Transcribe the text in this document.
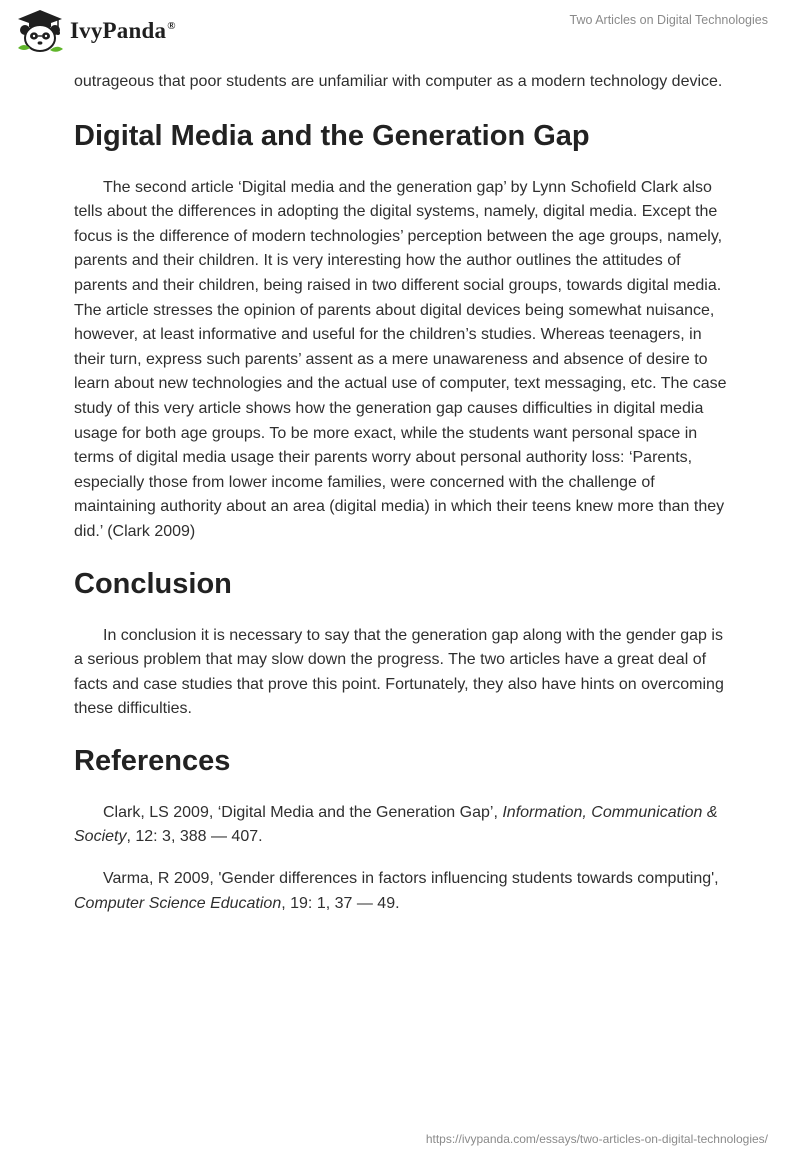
IvyPanda®	Two Articles on Digital Technologies

outrageous that poor students are unfamiliar with computer as a modern technology device.

Digital Media and the Generation Gap

The second article ‘Digital media and the generation gap’ by Lynn Schofield Clark also tells about the differences in adopting the digital systems, namely, digital media. Except the focus is the difference of modern technologies’ perception between the age groups, namely, parents and their children. It is very interesting how the author outlines the attitudes of parents and their children, being raised in two different social groups, towards digital media. The article stresses the opinion of parents about digital devices being somewhat nuisance, however, at least informative and useful for the children’s studies. Whereas teenagers, in their turn, express such parents’ assent as a mere unawareness and absence of desire to learn about new technologies and the actual use of computer, text messaging, etc. The case study of this very article shows how the generation gap causes difficulties in digital media usage for both age groups. To be more exact, while the students want personal space in terms of digital media usage their parents worry about personal authority loss: ‘Parents, especially those from lower income families, were concerned with the challenge of maintaining authority about an area (digital media) in which their teens knew more than they did.’ (Clark 2009)

Conclusion

In conclusion it is necessary to say that the generation gap along with the gender gap is a serious problem that may slow down the progress. The two articles have a great deal of facts and case studies that prove this point. Fortunately, they also have hints on overcoming these difficulties.

References

Clark, LS 2009, ‘Digital Media and the Generation Gap’, Information, Communication & Society, 12: 3, 388 — 407.

Varma, R 2009, 'Gender differences in factors influencing students towards computing', Computer Science Education, 19: 1, 37 — 49.

https://ivypanda.com/essays/two-articles-on-digital-technologies/
